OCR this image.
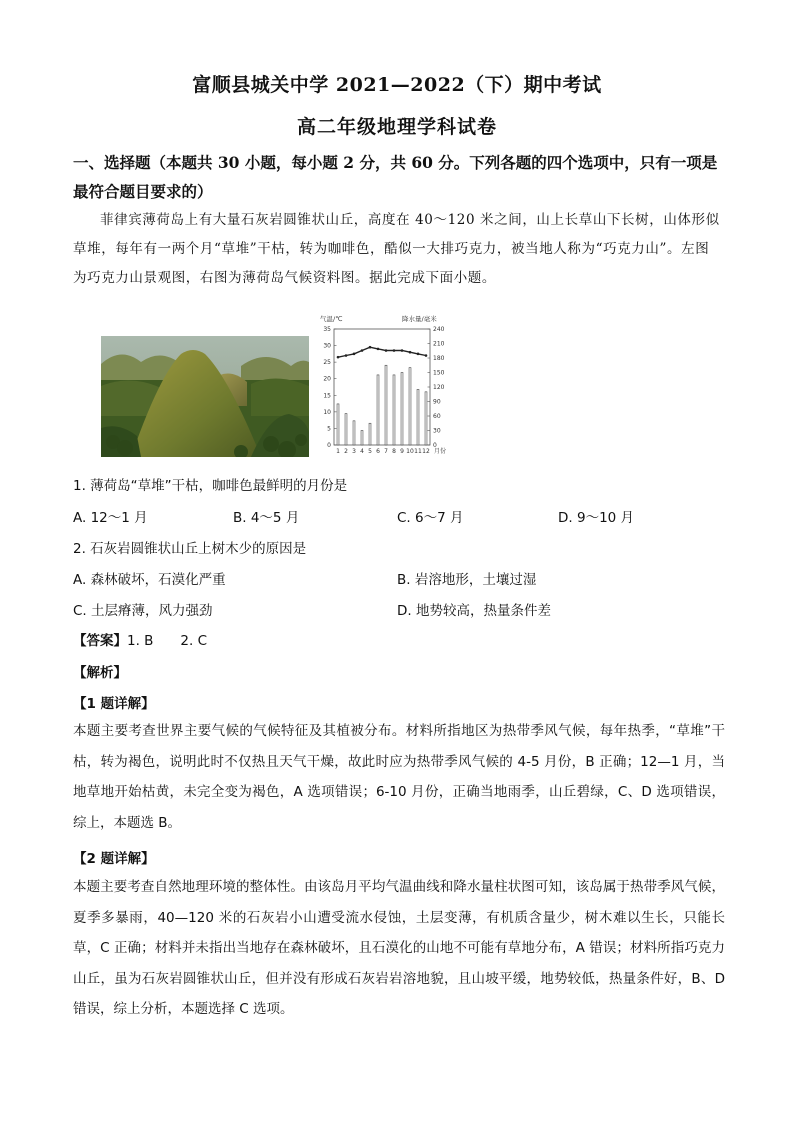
富顺县城关中学 2021—2022（下）期中考试
高二年级地理学科试卷
一、选择题（本题共 30 小题，每小题 2 分，共 60 分。下列各题的四个选项中，只有一项是最符合题目要求的）
菲律宾薄荷岛上有大量石灰岩圆锥状山丘，高度在 40～120 米之间，山上长草山下长树，山体形似草堆，每年有一两个月“草堆”干枯，转为咖啡色，酷似一大排巧克力，被当地人称为“巧克力山”。左图为巧克力山景观图，右图为薄荷岛气候资料图。据此完成下面小题。
气温/℃	降水量/毫米
35
30
25
20
15
10
5
0
240
210
180
150
120
90
60
30
0
1 2 3 4 5 6 7 8 9 10 11 12 月份
1. 薄荷岛“草堆”干枯，咖啡色最鲜明的月份是
A. 12～1 月	B. 4～5 月	C. 6～7 月	D. 9～10 月
2. 石灰岩圆锥状山丘上树木少的原因是
A. 森林破坏，石漠化严重	B. 岩溶地形，土壤过湿
C. 土层瘠薄，风力强劲	D. 地势较高，热量条件差
【答案】1. B　　2. C
【解析】
【1 题详解】
本题主要考查世界主要气候的气候特征及其植被分布。材料所指地区为热带季风气候，每年热季，“草堆”干枯，转为褐色，说明此时不仅热且天气干燥，故此时应为热带季风气候的 4-5 月份，B 正确；12—1 月，当地草地开始枯黄，未完全变为褐色，A 选项错误；6-10 月份，正确当地雨季，山丘碧绿，C、D 选项错误，综上，本题选 B。
【2 题详解】
本题主要考查自然地理环境的整体性。由该岛月平均气温曲线和降水量柱状图可知，该岛属于热带季风气候，夏季多暴雨，40—120 米的石灰岩小山遭受流水侵蚀，土层变薄，有机质含量少，树木难以生长，只能长草，C 正确；材料并未指出当地存在森林破坏，且石漠化的山地不可能有草地分布，A 错误；材料所指巧克力山丘，虽为石灰岩圆锥状山丘，但并没有形成石灰岩岩溶地貌，且山坡平缓，地势较低，热量条件好，B、D 错误，综上分析，本题选择 C 选项。
